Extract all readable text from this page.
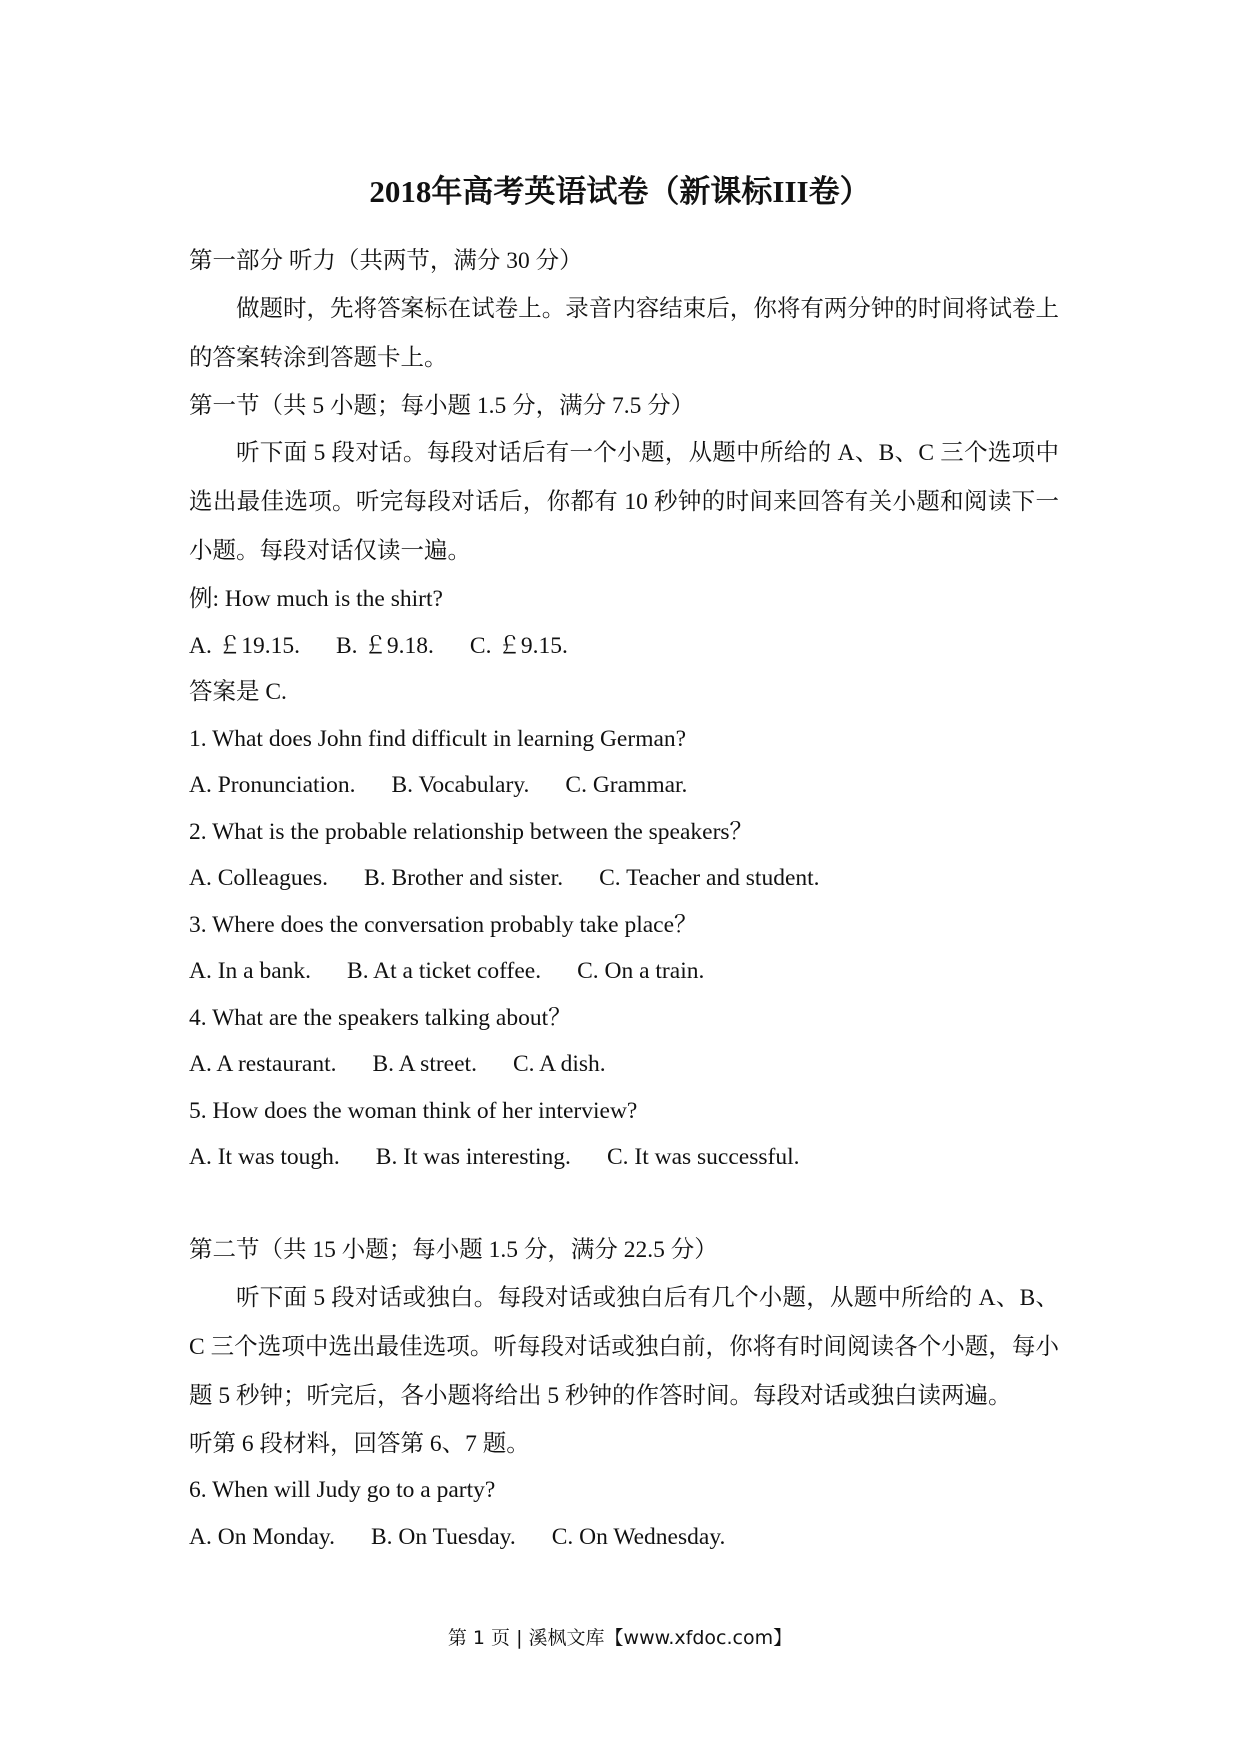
2018年高考英语试卷（新课标III卷）
第一部分 听力（共两节，满分 30 分）

做题时，先将答案标在试卷上。录音内容结束后，你将有两分钟的时间将试卷上的答案转涂到答题卡上。

第一节（共 5 小题；每小题 1.5 分，满分 7.5 分）

听下面 5 段对话。每段对话后有一个小题，从题中所给的 A、B、C 三个选项中选出最佳选项。听完每段对话后，你都有 10 秒钟的时间来回答有关小题和阅读下一小题。每段对话仅读一遍。

例: How much is the shirt?
A. ￡19.15. B. ￡9.18. C. ￡9.15.
答案是 C.
1. What does John find difficult in learning German?
A. Pronunciation. B. Vocabulary. C. Grammar.
2. What is the probable relationship between the speakers？
A. Colleagues. B. Brother and sister. C. Teacher and student.
3. Where does the conversation probably take place？
A. In a bank. B. At a ticket coffee. C. On a train.
4. What are the speakers talking about？
A. A restaurant. B. A street. C. A dish.
5. How does the woman think of her interview?
A. It was tough. B. It was interesting. C. It was successful.
第二节（共 15 小题；每小题 1.5 分，满分 22.5 分）

听下面 5 段对话或独白。每段对话或独白后有几个小题，从题中所给的 A、B、C 三个选项中选出最佳选项。听每段对话或独白前，你将有时间阅读各个小题，每小题 5 秒钟；听完后，各小题将给出 5 秒钟的作答时间。每段对话或独白读两遍。

听第 6 段材料，回答第 6、7 题。
6. When will Judy go to a party?
A. On Monday. B. On Tuesday. C. On Wednesday.
第 1 页 | 溪枫文库【www.xfdoc.com】
